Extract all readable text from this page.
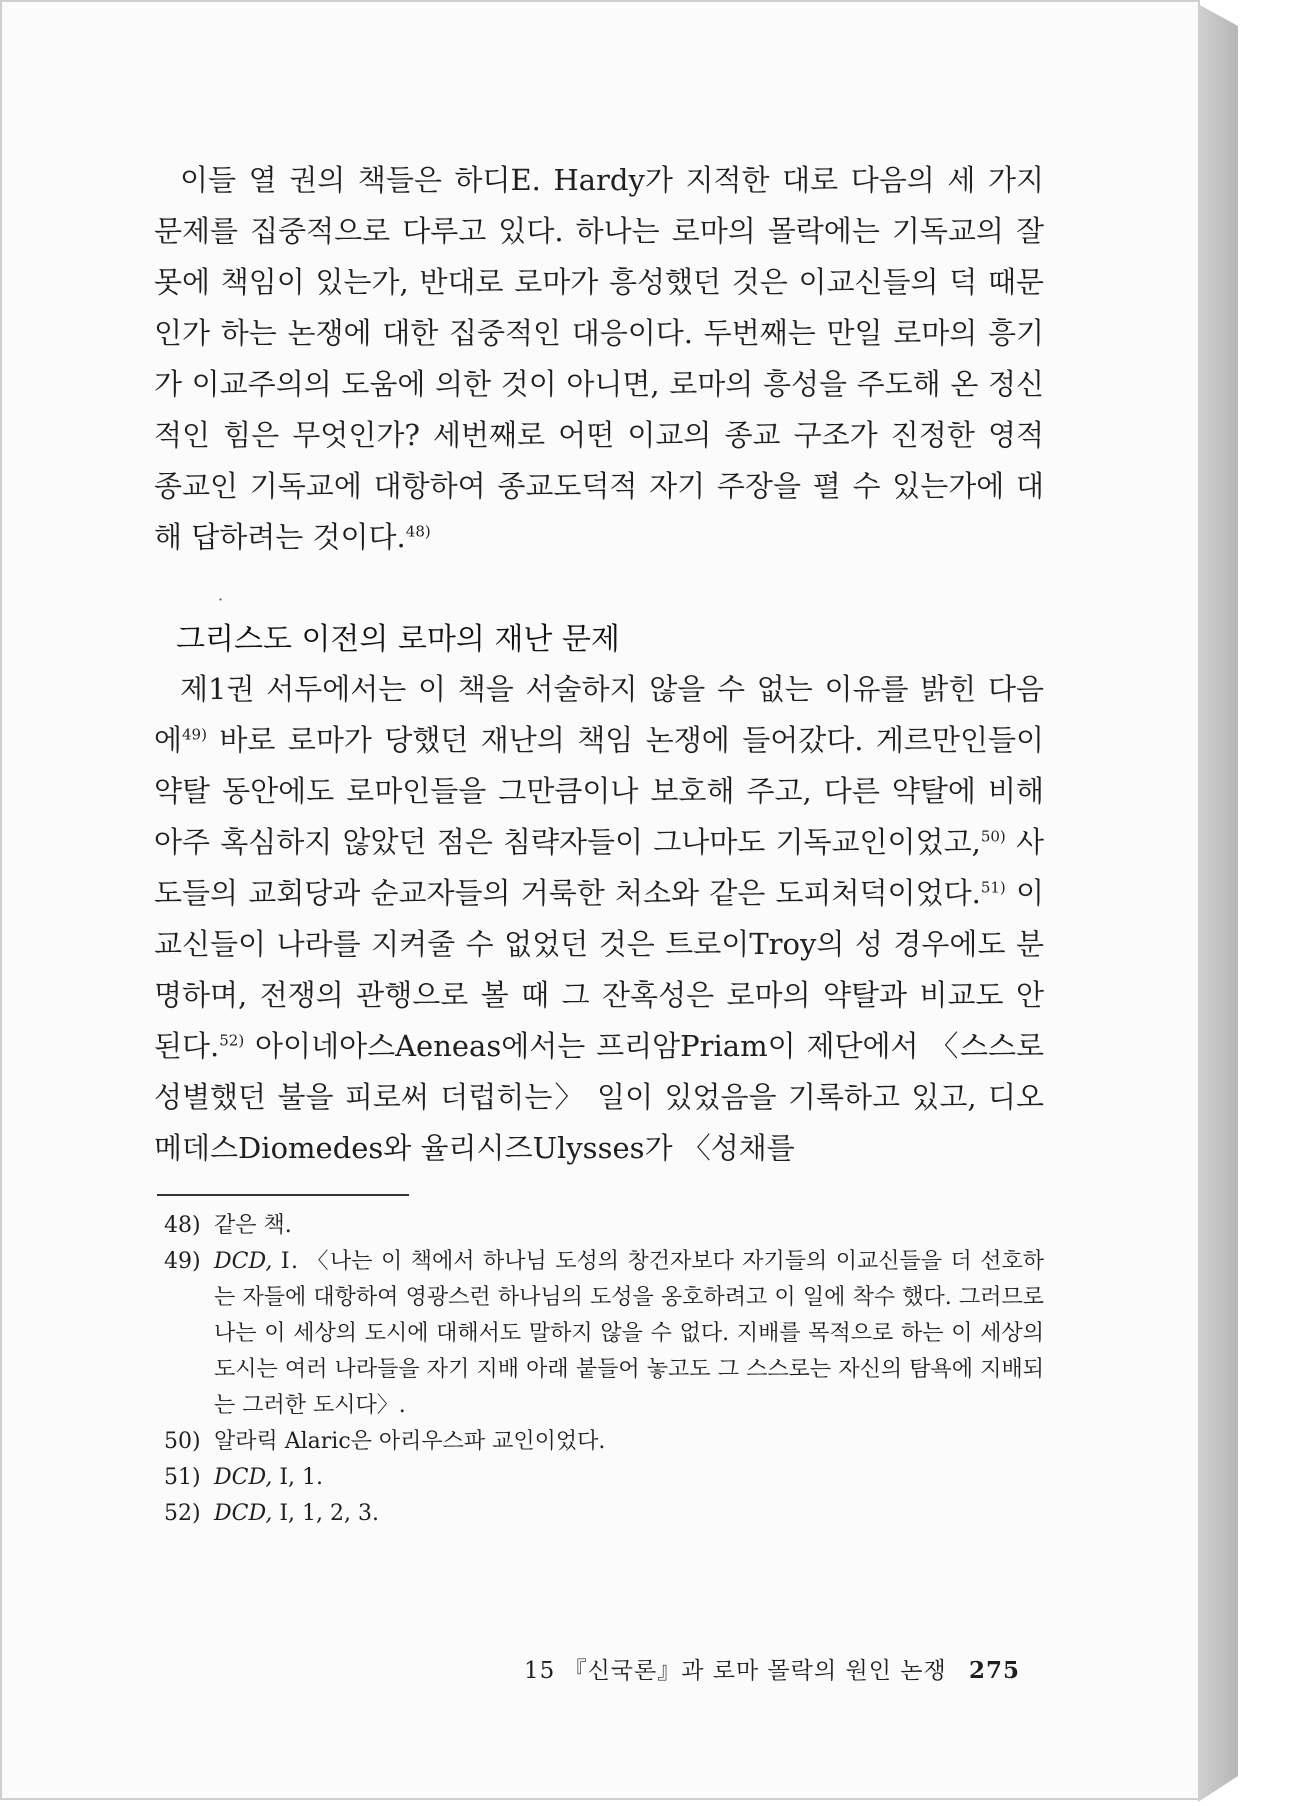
이들 열 권의 책들은 하디E. Hardy가 지적한 대로 다음의 세 가지 문제를 집중적으로 다루고 있다. 하나는 로마의 몰락에는 기독교의 잘못에 책임이 있는가, 반대로 로마가 흥성했던 것은 이교신들의 덕 때문인가 하는 논쟁에 대한 집중적인 대응이다. 두번째는 만일 로마의 흥기가 이교주의의 도움에 의한 것이 아니면, 로마의 흥성을 주도해 온 정신적인 힘은 무엇인가? 세번째로 어떤 이교의 종교 구조가 진정한 영적 종교인 기독교에 대항하여 종교도덕적 자기 주장을 펼 수 있는가에 대해 답하려는 것이다.$^{48)}$
·
그리스도 이전의 로마의 재난 문제
제1권 서두에서는 이 책을 서술하지 않을 수 없는 이유를 밝힌 다음에$^{49)}$ 바로 로마가 당했던 재난의 책임 논쟁에 들어갔다. 게르만인들이 약탈 동안에도 로마인들을 그만큼이나 보호해 주고, 다른 약탈에 비해 아주 혹심하지 않았던 점은 침략자들이 그나마도 기독교인이었고,$^{50)}$ 사도들의 교회당과 순교자들의 거룩한 처소와 같은 도피처덕이었다.$^{51)}$ 이교신들이 나라를 지켜줄 수 없었던 것은 트로이Troy의 성 경우에도 분명하며, 전쟁의 관행으로 볼 때 그 잔혹성은 로마의 약탈과 비교도 안 된다.$^{52)}$ 아이네아스Aeneas에서는 프리암Priam이 제단에서 〈스스로 성별했던 불을 피로써 더럽히는〉 일이 있었음을 기록하고 있고, 디오메데스Diomedes와 율리시즈Ulysses가 〈성채를
48) 같은 책.
49) DCD, Ⅰ. 〈나는 이 책에서 하나님 도성의 창건자보다 자기들의 이교신들을 더 선호하는 자들에 대항하여 영광스런 하나님의 도성을 옹호하려고 이 일에 착수 했다. 그러므로 나는 이 세상의 도시에 대해서도 말하지 않을 수 없다. 지배를 목적으로 하는 이 세상의 도시는 여러 나라들을 자기 지배 아래 붙들어 놓고도 그 스스로는 자신의 탐욕에 지배되는 그러한 도시다〉.
50) 알라릭 Alaric은 아리우스파 교인이었다.
51) DCD, Ⅰ, 1.
52) DCD, Ⅰ, 1, 2, 3.
15 『신국론』과 로마 몰락의 원인 논쟁 275
